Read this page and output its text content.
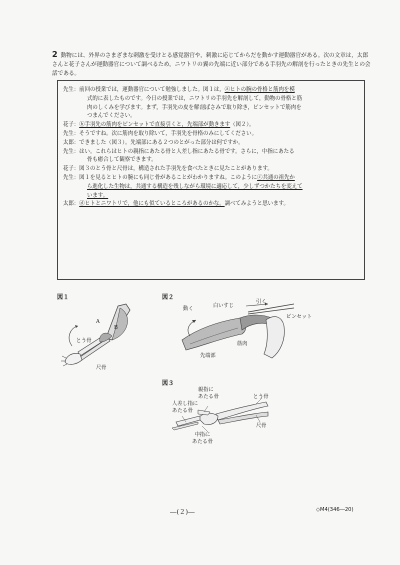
2 動物には、外界のさまざまな刺激を受けとる感覚器官や，刺激に応じてからだを動かす運動器官がある。次の文章は，太郎さんと花子さんが運動器官について調べるため，ニワトリの翼の先端に近い部分である手羽先の解剖を行ったときの先生との会話である。
先生：前回の授業では，運動器官について勉強しました。図１は，ⓐヒトの腕の骨格と筋肉を模
式的に表したものです。今日の授業では，ニワトリの手羽先を解剖して，動物の骨格と筋
肉のしくみを学びます。まず，手羽先の皮を解剖ばさみで取り除き，ピンセットで筋肉を
つまんでください。
花子：ⓑ手羽先の筋肉をピンセットで直接引くと，先端部が動きます（図２）。
先生：そうですね。次に筋肉を取り除いて，手羽先を骨格のみにしてください。
太郎：できました（図３）。先端部にある２つのとがった部分は何ですか。
先生：はい。これらはヒトの親指にあたる骨と人差し指にあたる骨です。さらに，中指にあたる
骨も癒合して観察できます。
花子：図３のとう骨と尺骨は，構造された手羽先を食べたときに見たことがあります。
先生：図１を見るとヒトの腕にも同じ骨があることがわかりますね。このようにⓒ共通の祖先か
ら進化した生物は，共通する構造を残しながら環境に適応して，少しずつかたちを変えて
います。
太郎：ⓓヒトとニワトリで，他にも似ているところがあるのかな。調べてみようと思います。
図１
A
B
とう骨
尺骨
図２
動く	白いすじ
引く
ピンセット
先端部
筋肉
図３
親指に
あたる骨
人差し指に
あたる骨
とう骨
尺骨
中指に
あたる骨
―(２)―	◇M4(346―20)
